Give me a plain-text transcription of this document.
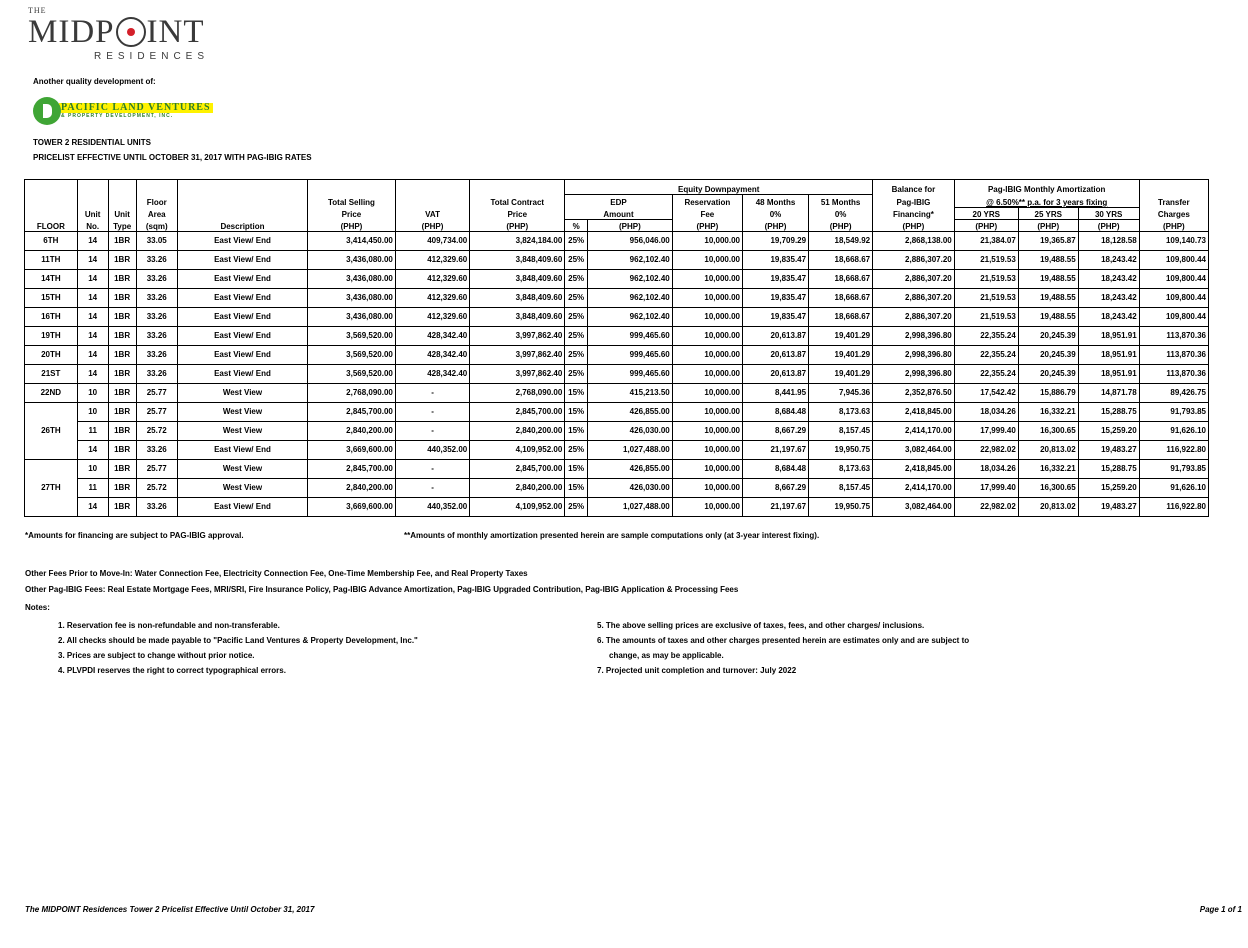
THE
MIDP INT
RESIDENCES
Another quality development of:
PACIFIC LAND VENTURES
& PROPERTY DEVELOPMENT, INC.
TOWER 2 RESIDENTIAL UNITS
PRICELIST EFFECTIVE UNTIL OCTOBER 31, 2017 WITH PAG-IBIG RATES
								Equity Downpayment					Balance for	Pag-IBIG Monthly Amortization			
			Floor		Total Selling		Total Contract	EDP		Reservation	48 Months	51 Months	Pag-IBIG	@ 6.50%** p.a. for 3 years fixing			Transfer
	Unit	Unit	Area		Price	VAT	Price	Amount		Fee	0%	0%	Financing*	20 YRS	25 YRS	30 YRS	Charges
FLOOR	No.	Type	(sqm)	Description	(PHP)	(PHP)	(PHP)	%	(PHP)	(PHP)	(PHP)	(PHP)	(PHP)	(PHP)	(PHP)	(PHP)	(PHP)
6TH	14	1BR	33.05	East View/ End	3,414,450.00	409,734.00	3,824,184.00	25%	956,046.00	10,000.00	19,709.29	18,549.92	2,868,138.00	21,384.07	19,365.87	18,128.58	109,140.73
11TH	14	1BR	33.26	East View/ End	3,436,080.00	412,329.60	3,848,409.60	25%	962,102.40	10,000.00	19,835.47	18,668.67	2,886,307.20	21,519.53	19,488.55	18,243.42	109,800.44
14TH	14	1BR	33.26	East View/ End	3,436,080.00	412,329.60	3,848,409.60	25%	962,102.40	10,000.00	19,835.47	18,668.67	2,886,307.20	21,519.53	19,488.55	18,243.42	109,800.44
15TH	14	1BR	33.26	East View/ End	3,436,080.00	412,329.60	3,848,409.60	25%	962,102.40	10,000.00	19,835.47	18,668.67	2,886,307.20	21,519.53	19,488.55	18,243.42	109,800.44
16TH	14	1BR	33.26	East View/ End	3,436,080.00	412,329.60	3,848,409.60	25%	962,102.40	10,000.00	19,835.47	18,668.67	2,886,307.20	21,519.53	19,488.55	18,243.42	109,800.44
19TH	14	1BR	33.26	East View/ End	3,569,520.00	428,342.40	3,997,862.40	25%	999,465.60	10,000.00	20,613.87	19,401.29	2,998,396.80	22,355.24	20,245.39	18,951.91	113,870.36
20TH	14	1BR	33.26	East View/ End	3,569,520.00	428,342.40	3,997,862.40	25%	999,465.60	10,000.00	20,613.87	19,401.29	2,998,396.80	22,355.24	20,245.39	18,951.91	113,870.36
21ST	14	1BR	33.26	East View/ End	3,569,520.00	428,342.40	3,997,862.40	25%	999,465.60	10,000.00	20,613.87	19,401.29	2,998,396.80	22,355.24	20,245.39	18,951.91	113,870.36
22ND	10	1BR	25.77	West View	2,768,090.00	-	2,768,090.00	15%	415,213.50	10,000.00	8,441.95	7,945.36	2,352,876.50	17,542.42	15,886.79	14,871.78	89,426.75
26TH	10	1BR	25.77	West View	2,845,700.00	-	2,845,700.00	15%	426,855.00	10,000.00	8,684.48	8,173.63	2,418,845.00	18,034.26	16,332.21	15,288.75	91,793.85
	11	1BR	25.72	West View	2,840,200.00	-	2,840,200.00	15%	426,030.00	10,000.00	8,667.29	8,157.45	2,414,170.00	17,999.40	16,300.65	15,259.20	91,626.10
	14	1BR	33.26	East View/ End	3,669,600.00	440,352.00	4,109,952.00	25%	1,027,488.00	10,000.00	21,197.67	19,950.75	3,082,464.00	22,982.02	20,813.02	19,483.27	116,922.80
27TH	10	1BR	25.77	West View	2,845,700.00	-	2,845,700.00	15%	426,855.00	10,000.00	8,684.48	8,173.63	2,418,845.00	18,034.26	16,332.21	15,288.75	91,793.85
	11	1BR	25.72	West View	2,840,200.00	-	2,840,200.00	15%	426,030.00	10,000.00	8,667.29	8,157.45	2,414,170.00	17,999.40	16,300.65	15,259.20	91,626.10
	14	1BR	33.26	East View/ End	3,669,600.00	440,352.00	4,109,952.00	25%	1,027,488.00	10,000.00	21,197.67	19,950.75	3,082,464.00	22,982.02	20,813.02	19,483.27	116,922.80
*Amounts for financing are subject to PAG-IBIG approval.	**Amounts of monthly amortization presented herein are sample computations only (at 3-year interest fixing).
Other Fees Prior to Move-In: Water Connection Fee, Electricity Connection Fee, One-Time Membership Fee, and Real Property Taxes
Other Pag-IBIG Fees: Real Estate Mortgage Fees, MRI/SRI, Fire Insurance Policy, Pag-IBIG Advance Amortization, Pag-IBIG Upgraded Contribution, Pag-IBIG Application & Processing Fees
Notes:
1. Reservation fee is non-refundable and non-transferable.
2. All checks should be made payable to "Pacific Land Ventures & Property Development, Inc."
3. Prices are subject to change without prior notice.
4. PLVPDI reserves the right to correct typographical errors.
5. The above selling prices are exclusive of taxes, fees, and other charges/ inclusions.
6. The amounts of taxes and other charges presented herein are estimates only and are subject to
change, as may be applicable.
7. Projected unit completion and turnover: July 2022
The MIDPOINT Residences Tower 2 Pricelist Effective Until October 31, 2017	Page 1 of 1
